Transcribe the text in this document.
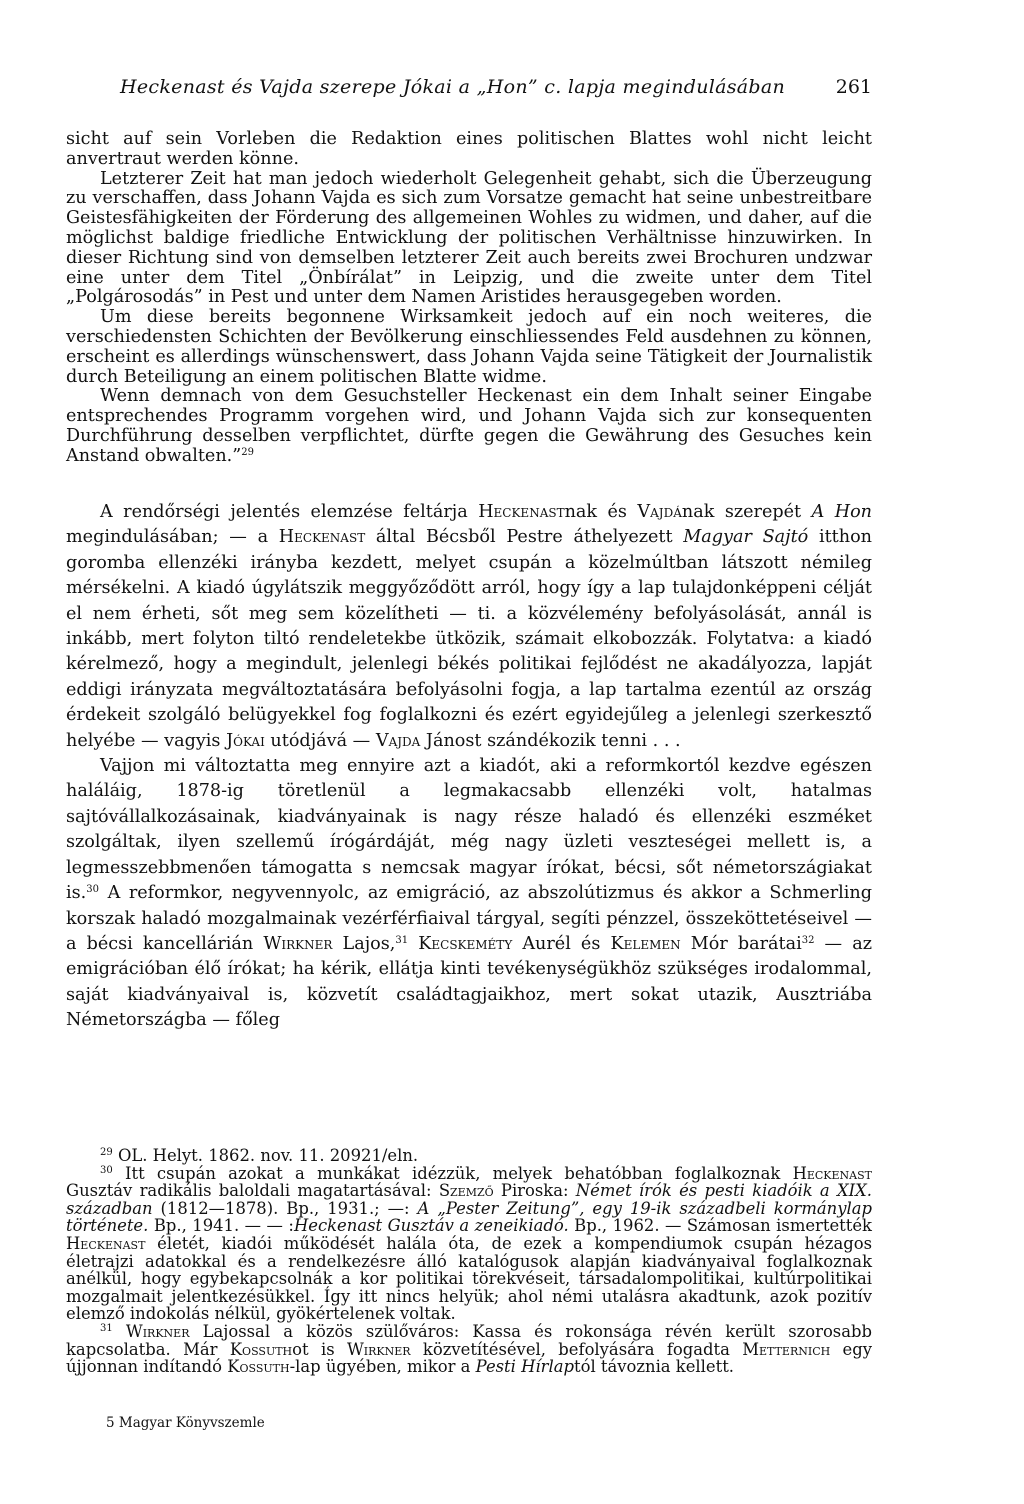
Heckenast és Vajda szerepe Jókai a „Hon” c. lapja megindulásában	261

sicht auf sein Vorleben die Redaktion eines politischen Blattes wohl nicht leicht anvertraut werden könne.

Letzterer Zeit hat man jedoch wiederholt Gelegenheit gehabt, sich die Überzeugung zu verschaffen, dass Johann Vajda es sich zum Vorsatze gemacht hat seine unbestreitbare Geistesfähigkeiten der Förderung des allgemeinen Wohles zu widmen, und daher, auf die möglichst baldige friedliche Entwicklung der politischen Verhältnisse hinzuwirken. In dieser Richtung sind von demselben letzterer Zeit auch bereits zwei Brochuren undzwar eine unter dem Titel „Önbírálat” in Leipzig, und die zweite unter dem Titel „Polgárosodás” in Pest und unter dem Namen Aristides herausgegeben worden.

Um diese bereits begonnene Wirksamkeit jedoch auf ein noch weiteres, die verschiedensten Schichten der Bevölkerung einschliessendes Feld ausdehnen zu können, erscheint es allerdings wünschenswert, dass Johann Vajda seine Tätigkeit der Journalistik durch Beteiligung an einem politischen Blatte widme.

Wenn demnach von dem Gesuchsteller Heckenast ein dem Inhalt seiner Eingabe entsprechendes Programm vorgehen wird, und Johann Vajda sich zur konsequenten Durchführung desselben verpflichtet, dürfte gegen die Gewährung des Gesuches kein Anstand obwalten.”$^{29}$

A rendőrségi jelentés elemzése feltárja Heckenastnak és Vajdának szerepét A Hon megindulásában; — a Heckenast által Bécsből Pestre áthelyezett Magyar Sajtó itthon goromba ellenzéki irányba kezdett, melyet csupán a közelmúltban látszott némileg mérsékelni. A kiadó úgylátszik meggyőződött arról, hogy így a lap tulajdonképpeni célját el nem érheti, sőt meg sem közelítheti — ti. a közvélemény befolyásolását, annál is inkább, mert folyton tiltó rendeletekbe ütközik, számait elkobozzák. Folytatva: a kiadó kérelmező, hogy a megindult, jelenlegi békés politikai fejlődést ne akadályozza, lapját eddigi irányzata megváltoztatására befolyásolni fogja, a lap tartalma ezentúl az ország érdekeit szolgáló belügyekkel fog foglalkozni és ezért egyidejűleg a jelenlegi szerkesztő helyébe — vagyis Jókai utódjává — Vajda Jánost szándékozik tenni . . .

Vajjon mi változtatta meg ennyire azt a kiadót, aki a reformkortól kezdve egészen haláláig, 1878-ig töretlenül a legmakacsabb ellenzéki volt, hatalmas sajtóvállalkozásainak, kiadványainak is nagy része haladó és ellenzéki eszméket szolgáltak, ilyen szellemű írógárdáját, még nagy üzleti veszteségei mellett is, a legmesszebbmenően támogatta s nemcsak magyar írókat, bécsi, sőt németországiakat is.$^{30}$ A reformkor, negyvennyolc, az emigráció, az abszolútizmus és akkor a Schmerling korszak haladó mozgalmainak vezérférfiaival tárgyal, segíti pénzzel, összeköttetéseivel — a bécsi kancellárián Wirkner Lajos,$^{31}$ Kecskeméty Aurél és Kelemen Mór barátai$^{32}$ — az emigrációban élő írókat; ha kérik, ellátja kinti tevékenységükhöz szükséges irodalommal, saját kiadványaival is, közvetít családtagjaikhoz, mert sokat utazik, Ausztriába Németországba — főleg

$^{29}$ OL. Helyt. 1862. nov. 11. 20921/eln.

$^{30}$ Itt csupán azokat a munkákat idézzük, melyek behatóbban foglalkoznak Heckenast Gusztáv radikális baloldali magatartásával: Szemző Piroska: Német írók és pesti kiadóik a XIX. században (1812—1878). Bp., 1931.; —: A „Pester Zeitung”, egy 19-ik századbeli kormánylap története. Bp., 1941. — — :Heckenast Gusztáv a zeneikiadó. Bp., 1962. — Számosan ismertették Heckenast életét, kiadói működését halála óta, de ezek a kompendiumok csupán hézagos életrajzi adatokkal és a rendelkezésre álló katalógusok alapján kiadványaival foglalkoznak anélkül, hogy egybekapcsolnák a kor politikai törekvéseit, társadalompolitikai, kultúrpolitikai mozgalmait jelentkezésükkel. Így itt nincs helyük; ahol némi utalásra akadtunk, azok pozitív elemző indokolás nélkül, gyökértelenek voltak.

$^{31}$ Wirkner Lajossal a közös szülőváros: Kassa és rokonsága révén került szorosabb kapcsolatba. Már Kossuthot is Wirkner közvetítésével, befolyására fogadta Metternich egy újjonnan indítandó Kossuth-lap ügyében, mikor a Pesti Hírlaptól távoznia kellett.

5 Magyar Könyvszemle
